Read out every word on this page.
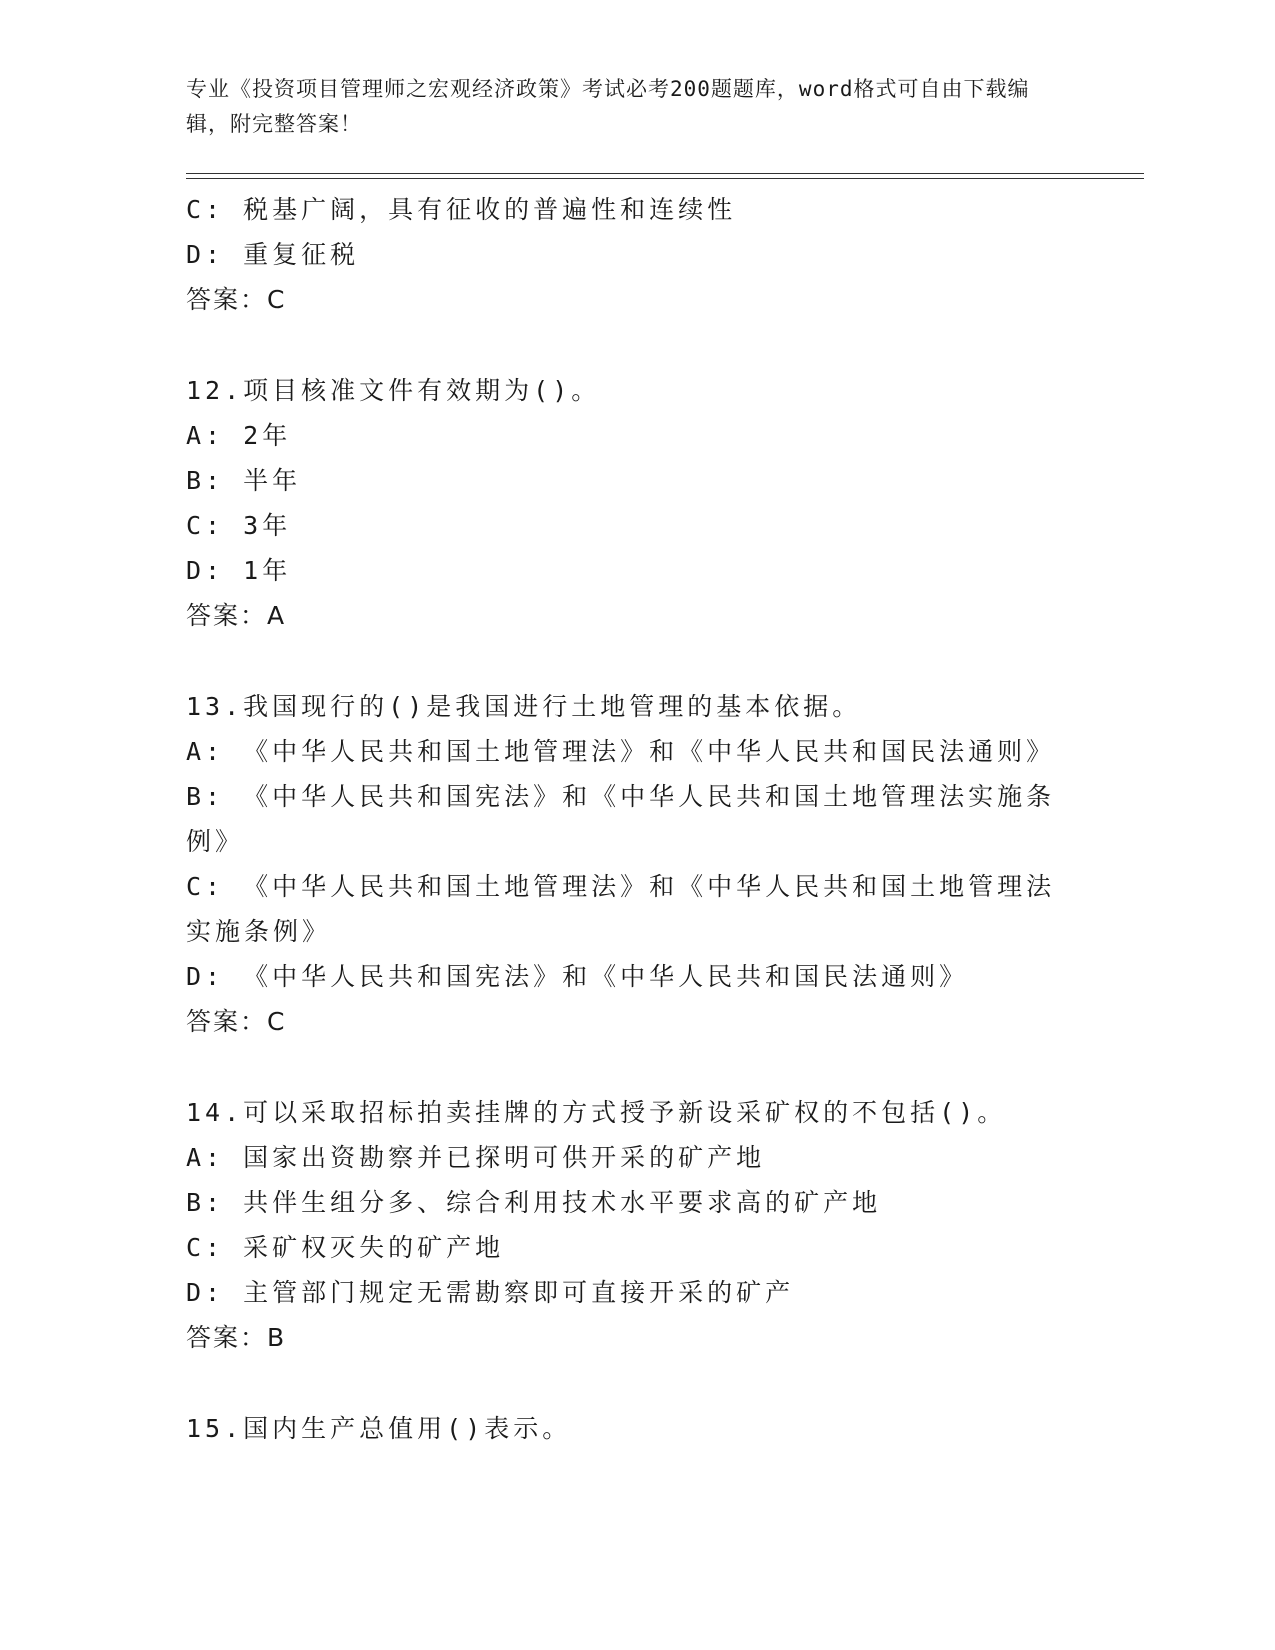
专业《投资项目管理师之宏观经济政策》考试必考200题题库，word格式可自由下载编辑，附完整答案！
C: 税基广阔，具有征收的普遍性和连续性
D: 重复征税
答案：C
12.项目核准文件有效期为()。
A: 2年
B: 半年
C: 3年
D: 1年
答案：A
13.我国现行的()是我国进行土地管理的基本依据。
A: 《中华人民共和国土地管理法》和《中华人民共和国民法通则》
B: 《中华人民共和国宪法》和《中华人民共和国土地管理法实施条例》
C: 《中华人民共和国土地管理法》和《中华人民共和国土地管理法实施条例》
D: 《中华人民共和国宪法》和《中华人民共和国民法通则》
答案：C
14.可以采取招标拍卖挂牌的方式授予新设采矿权的不包括()。
A: 国家出资勘察并已探明可供开采的矿产地
B: 共伴生组分多、综合利用技术水平要求高的矿产地
C: 采矿权灭失的矿产地
D: 主管部门规定无需勘察即可直接开采的矿产
答案：B
15.国内生产总值用()表示。
